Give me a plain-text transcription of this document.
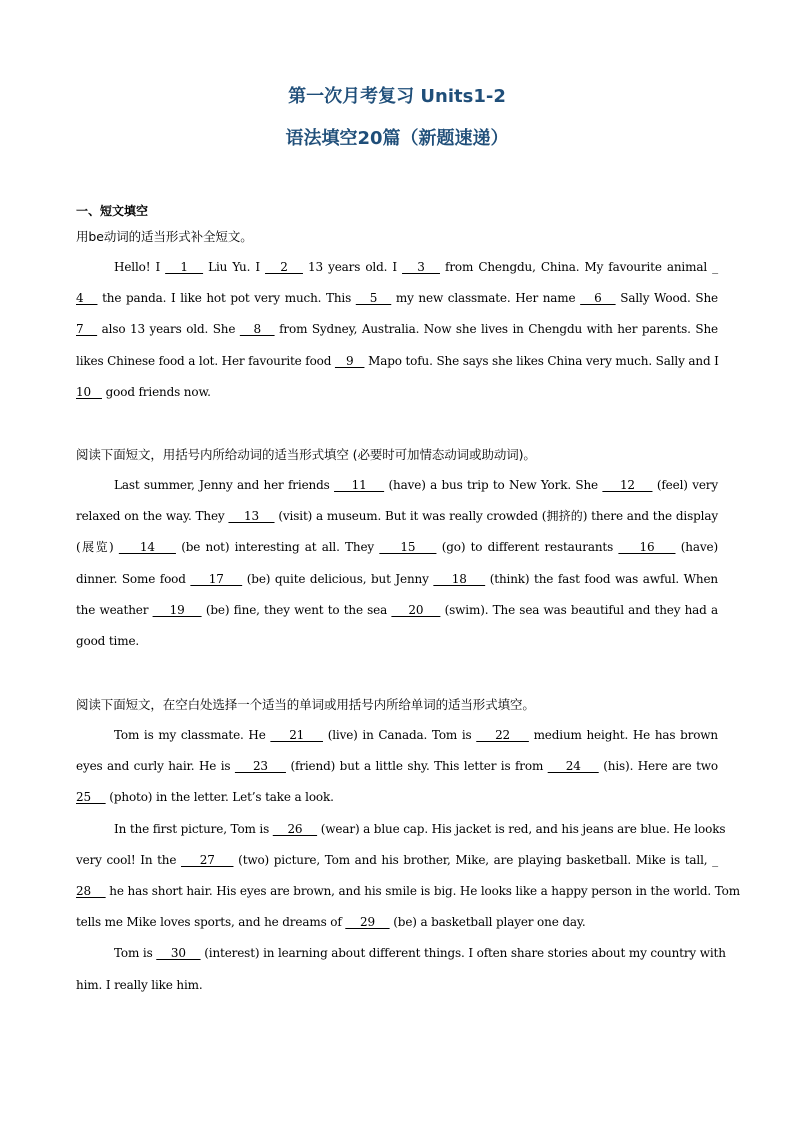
第一次月考复习 Units1-2
语法填空20篇（新题速递）
一、短文填空
用be动词的适当形式补全短文。
Hello! I    1    Liu Yu. I    2    13 years old. I    3    from Chengdu, China. My favourite animal _
4    the panda. I like hot pot very much. This    5    my new classmate. Her name    6    Sally Wood. She
7    also 13 years old. She    8    from Sydney, Australia. Now she lives in Chengdu with her parents. She
likes Chinese food a lot. Her favourite food    9    Mapo tofu. She says she likes China very much. Sally and I
10    good friends now.
阅读下面短文，用括号内所给动词的适当形式填空 (必要时可加情态动词或助动词)。
Last summer, Jenny and her friends     11     (have) a bus trip to New York. She     12     (feel) very
relaxed on the way. They     13     (visit) a museum. But it was really crowded (拥挤的) there and the display
(展览)     14     (be not) interesting at all. They     15     (go) to different restaurants     16     (have)
dinner. Some food     17     (be) quite delicious, but Jenny     18     (think) the fast food was awful. When
the weather     19     (be) fine, they went to the sea     20     (swim). The sea was beautiful and they had a
good time.
阅读下面短文，在空白处选择一个适当的单词或用括号内所给单词的适当形式填空。
Tom is my classmate. He     21     (live) in Canada. Tom is     22     medium height. He has brown
eyes and curly hair. He is     23     (friend) but a little shy. This letter is from     24     (his). Here are two
25     (photo) in the letter. Let’s take a look.
In the first picture, Tom is     26     (wear) a blue cap. His jacket is red, and his jeans are blue. He looks
very cool! In the     27     (two) picture, Tom and his brother, Mike, are playing basketball. Mike is tall, _
28     he has short hair. His eyes are brown, and his smile is big. He looks like a happy person in the world. Tom
tells me Mike loves sports, and he dreams of     29     (be) a basketball player one day.
Tom is     30     (interest) in learning about different things. I often share stories about my country with
him. I really like him.
